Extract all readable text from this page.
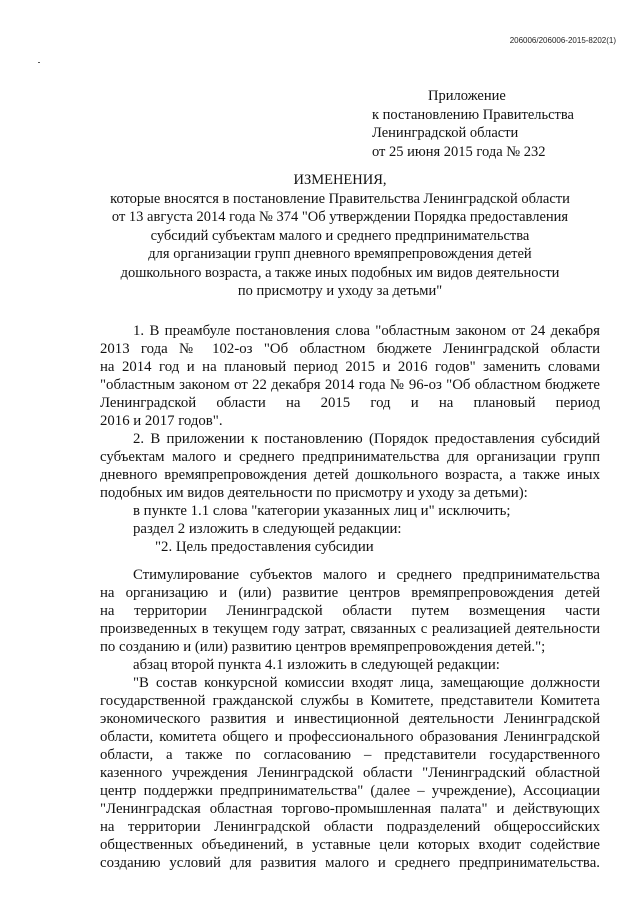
206006/206006-2015-8202(1)
Приложение
к постановлению Правительства
Ленинградской области
от 25 июня 2015 года № 232
ИЗМЕНЕНИЯ,
которые вносятся в постановление Правительства Ленинградской области
от 13 августа 2014 года № 374 "Об утверждении Порядка предоставления
субсидий субъектам малого и среднего предпринимательства
для организации групп дневного времяпрепровождения детей
дошкольного возраста, а также иных подобных им видов деятельности
по присмотру и уходу за детьми"
1. В преамбуле постановления слова "областным законом от 24 декабря
2013 года № 102-оз "Об областном бюджете Ленинградской области
на 2014 год и на плановый период 2015 и 2016 годов" заменить словами
"областным законом от 22 декабря 2014 года № 96-оз "Об областном бюджете
Ленинградской области на 2015 год и на плановый период
2016 и 2017 годов".
2. В приложении к постановлению (Порядок предоставления субсидий
субъектам малого и среднего предпринимательства для организации групп
дневного времяпрепровождения детей дошкольного возраста, а также иных
подобных им видов деятельности по присмотру и уходу за детьми):
в пункте 1.1 слова "категории указанных лиц и" исключить;
раздел 2 изложить в следующей редакции:
"2. Цель предоставления субсидии
Стимулирование субъектов малого и среднего предпринимательства
на организацию и (или) развитие центров времяпрепровождения детей
на территории Ленинградской области путем возмещения части
произведенных в текущем году затрат, связанных с реализацией деятельности
по созданию и (или) развитию центров времяпрепровождения детей.";
абзац второй пункта 4.1 изложить в следующей редакции:
"В состав конкурсной комиссии входят лица, замещающие должности
государственной гражданской службы в Комитете, представители Комитета
экономического развития и инвестиционной деятельности Ленинградской
области, комитета общего и профессионального образования Ленинградской
области, а также по согласованию – представители государственного
казенного учреждения Ленинградской области "Ленинградский областной
центр поддержки предпринимательства" (далее – учреждение), Ассоциации
"Ленинградская областная торгово-промышленная палата" и действующих
на территории Ленинградской области подразделений общероссийских
общественных объединений, в уставные цели которых входит содействие
созданию условий для развития малого и среднего предпринимательства.
